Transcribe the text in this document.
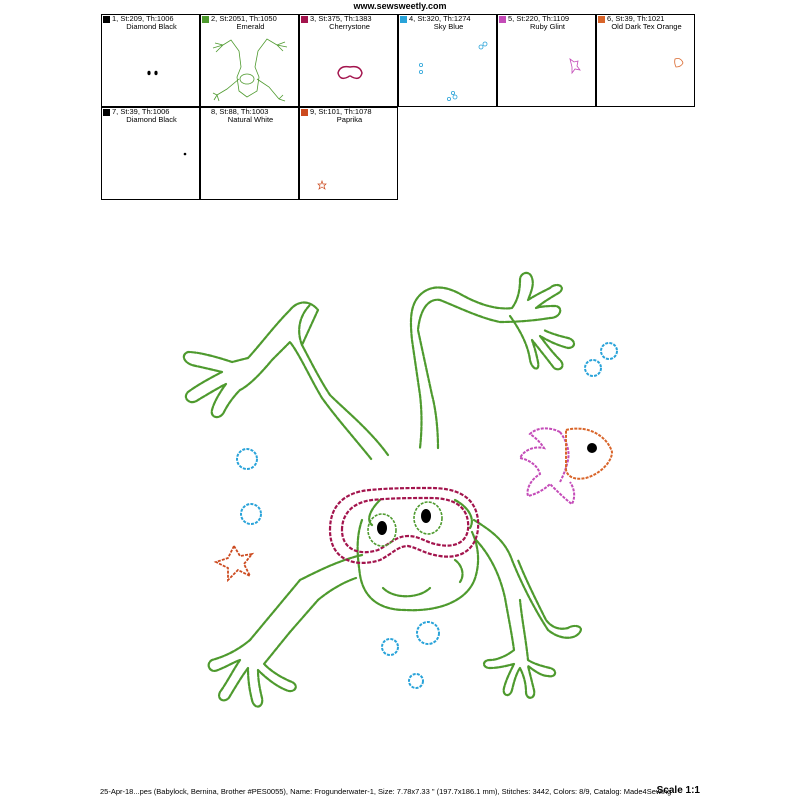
www.sewsweetly.com
1, St:209, Th:1006
Diamond Black
2, St:2051, Th:1050
Emerald
3, St:375, Th:1383
Cherrystone
4, St:320, Th:1274
Sky Blue
5, St:220, Th:1109
Ruby Glint
6, St:39, Th:1021
Old Dark Tex Orange
7, St:39, Th:1006
Diamond Black
8, St:88, Th:1003
Natural White
9, St:101, Th:1078
Paprika
25-Apr-18...pes (Babylock, Bernina, Brother #PES0055), Name: Frogunderwater-1, Size: 7.78x7.33 " (197.7x186.1 mm), Stitches: 3442, Colors: 8/9, Catalog: Made4Sewing
Scale 1:1
